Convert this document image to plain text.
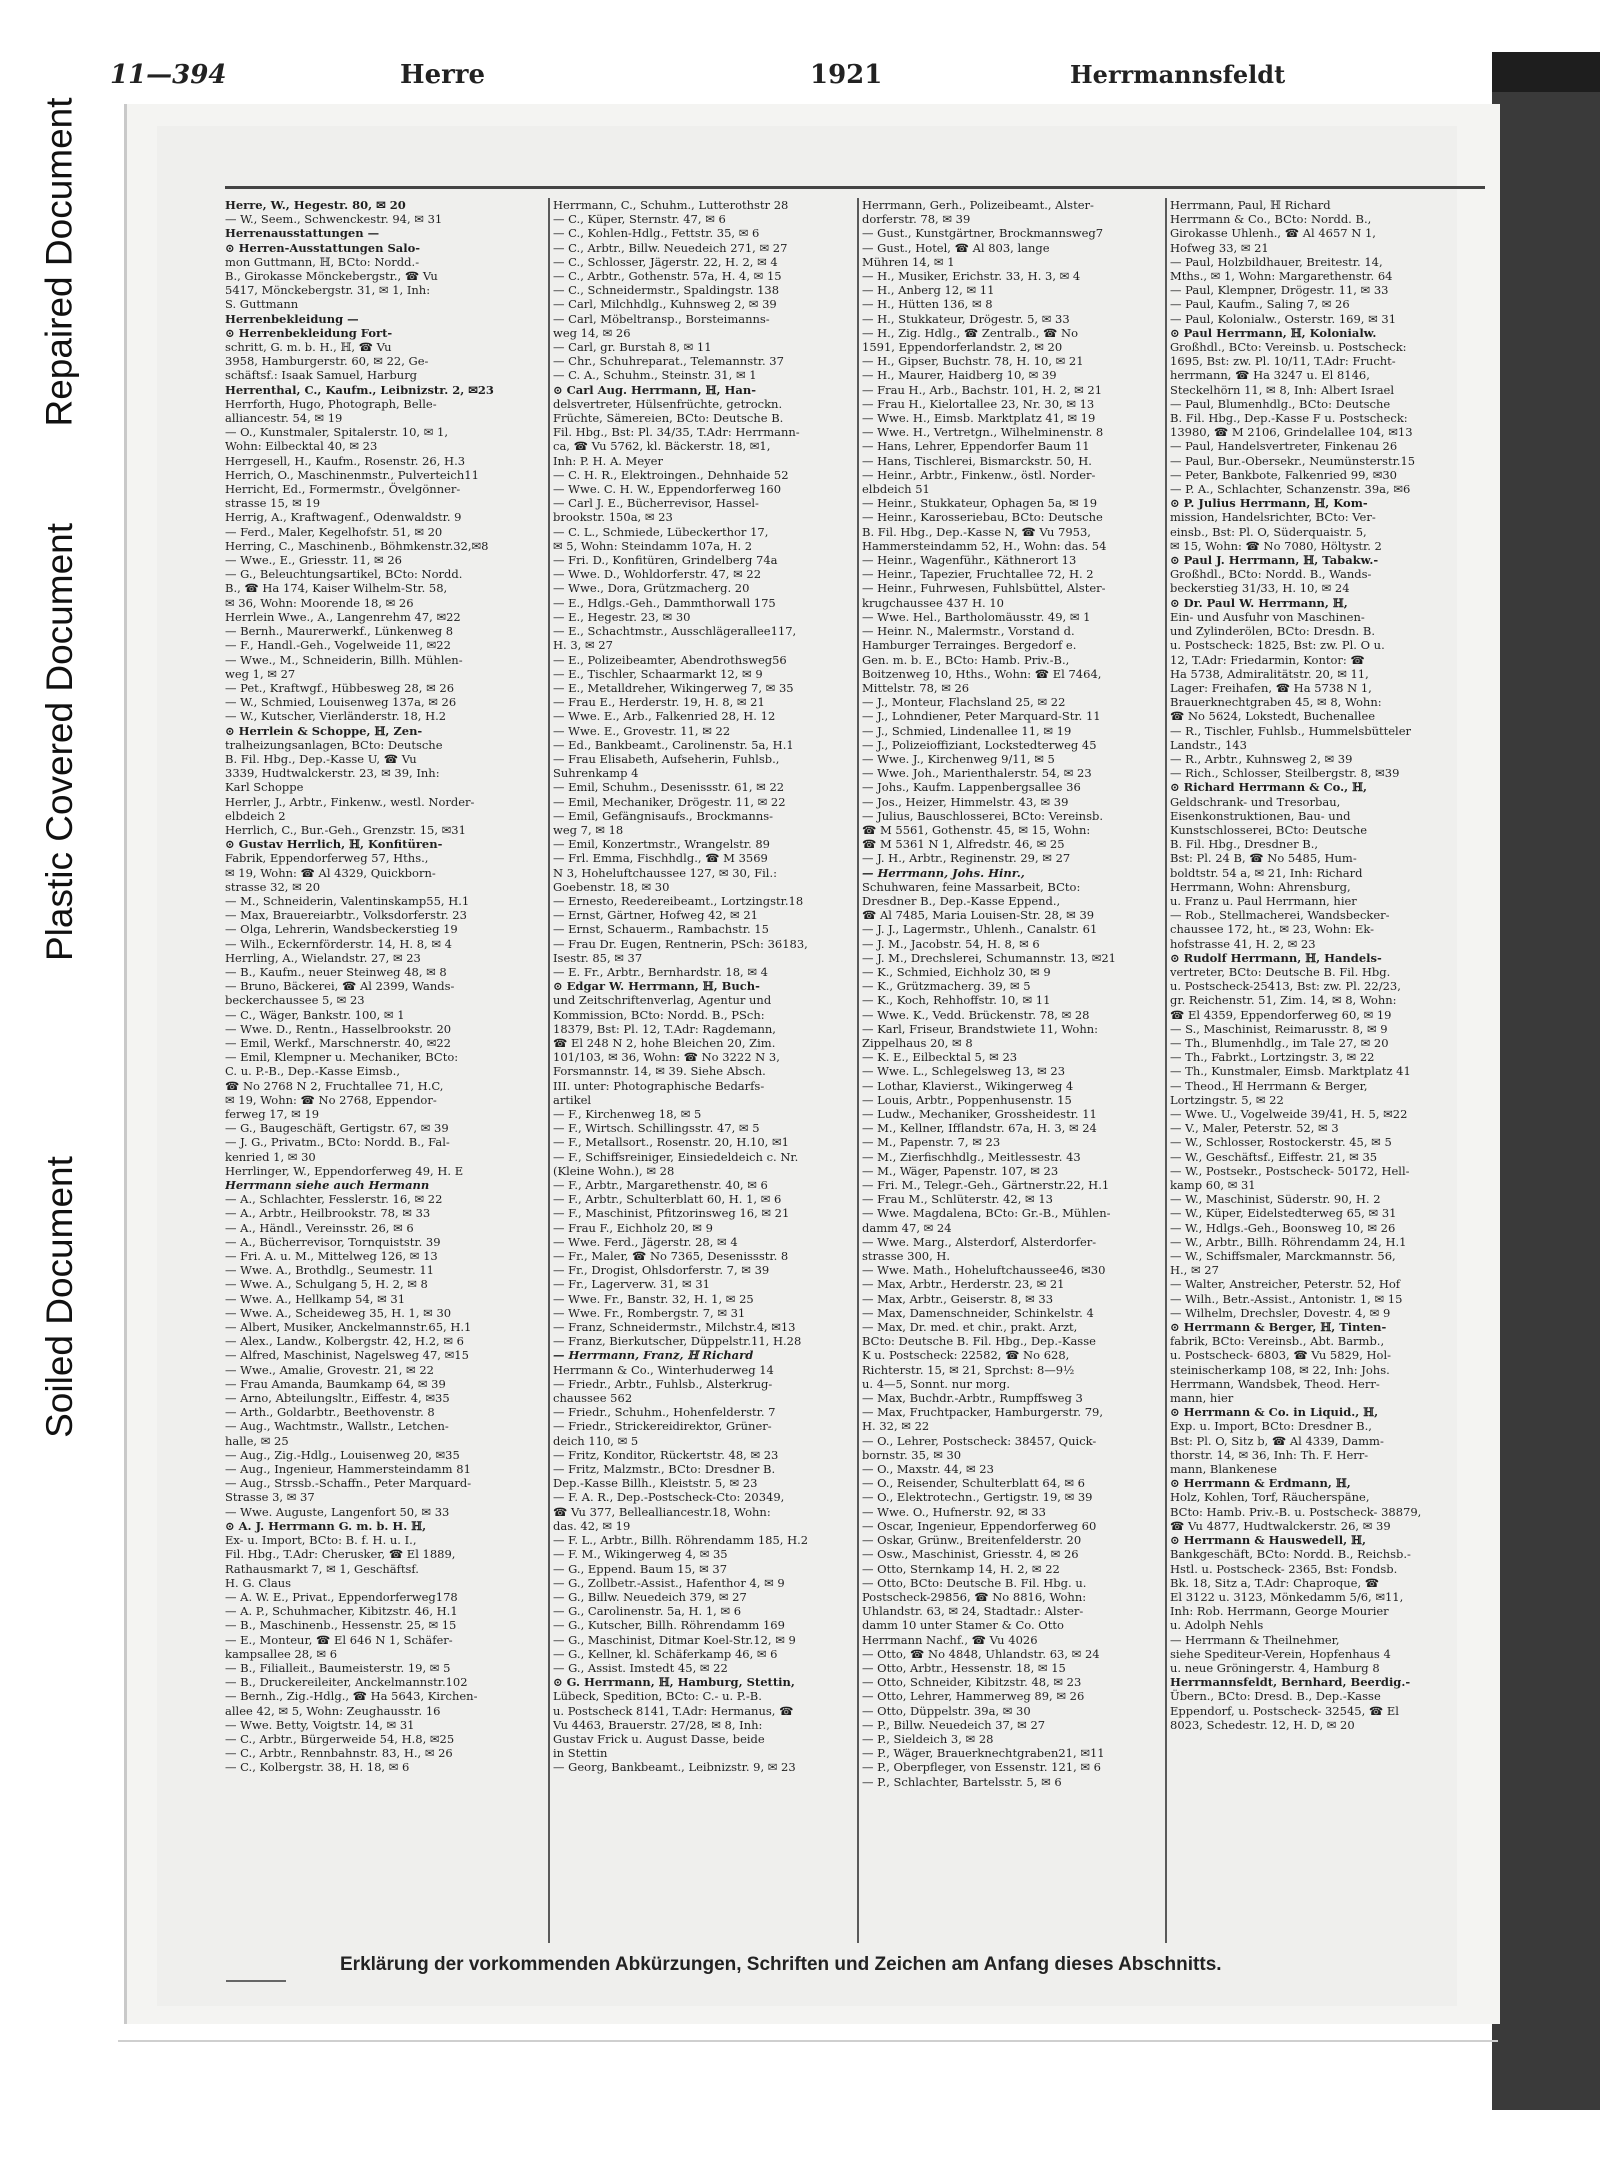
Repaired Document
Plastic Covered Document
Soiled Document
11—394	Herre	1921	Herrmannsfeldt

Herre, W., Hegestr. 80, ✉ 20

— W., Seem., Schwenckestr. 94, ✉ 31

Herrenausstattungen —

⊙ Herren-Ausstattungen Salo-

mon Guttmann, ℍ, BCto: Nordd.-

B., Girokasse Mönckebergstr., ☎ Vu

5417, Mönckebergstr. 31, ✉ 1, Inh:

S. Guttmann

Herrenbekleidung —

⊙ Herrenbekleidung Fort-

schritt, G. m. b. H., ℍ, ☎ Vu

3958, Hamburgerstr. 60, ✉ 22, Ge-

schäftsf.: Isaak Samuel, Harburg

Herrenthal, C., Kaufm., Leibnizstr. 2, ✉23

Herrforth, Hugo, Photograph, Belle-

alliancestr. 54, ✉ 19

— O., Kunstmaler, Spitalerstr. 10, ✉ 1,

Wohn: Eilbecktal 40, ✉ 23

Herrgesell, H., Kaufm., Rosenstr. 26, H.3

Herrich, O., Maschinenmstr., Pulverteich11

Herricht, Ed., Formermstr., Övelgönner-

strasse 15, ✉ 19

Herrig, A., Kraftwagenf., Odenwaldstr. 9

— Ferd., Maler, Kegelhofstr. 51, ✉ 20

Herring, C., Maschinenb., Böhmkenstr.32,✉8

— Wwe., E., Griesstr. 11, ✉ 26

— G., Beleuchtungsartikel, BCto: Nordd.

B., ☎ Ha 174, Kaiser Wilhelm-Str. 58,

✉ 36, Wohn: Moorende 18, ✉ 26

Herrlein Wwe., A., Langenrehm 47, ✉22

— Bernh., Maurerwerkf., Lünkenweg 8

— F., Handl.-Geh., Vogelweide 11, ✉22

— Wwe., M., Schneiderin, Billh. Mühlen-

weg 1, ✉ 27

— Pet., Kraftwgf., Hübbesweg 28, ✉ 26

— W., Schmied, Louisenweg 137a, ✉ 26

— W., Kutscher, Vierländerstr. 18, H.2

⊙ Herrlein & Schoppe, ℍ, Zen-

tralheizungsanlagen, BCto: Deutsche

B. Fil. Hbg., Dep.-Kasse U, ☎ Vu

3339, Hudtwalckerstr. 23, ✉ 39, Inh:

Karl Schoppe

Herrler, J., Arbtr., Finkenw., westl. Norder-

elbdeich 2

Herrlich, C., Bur.-Geh., Grenzstr. 15, ✉31

⊙ Gustav Herrlich, ℍ, Konfitüren-

Fabrik, Eppendorferweg 57, Hths.,

✉ 19, Wohn: ☎ Al 4329, Quickborn-

strasse 32, ✉ 20

— M., Schneiderin, Valentinskamp55, H.1

— Max, Brauereiarbtr., Volksdorferstr. 23

— Olga, Lehrerin, Wandsbeckerstieg 19

— Wilh., Eckernförderstr. 14, H. 8, ✉ 4

Herrling, A., Wielandstr. 27, ✉ 23

— B., Kaufm., neuer Steinweg 48, ✉ 8

— Bruno, Bäckerei, ☎ Al 2399, Wands-

beckerchaussee 5, ✉ 23

— C., Wäger, Bankstr. 100, ✉ 1

— Wwe. D., Rentn., Hasselbrookstr. 20

— Emil, Werkf., Marschnerstr. 40, ✉22

— Emil, Klempner u. Mechaniker, BCto:

C. u. P.-B., Dep.-Kasse Eimsb.,

☎ No 2768 N 2, Fruchtallee 71, H.C,

✉ 19, Wohn: ☎ No 2768, Eppendor-

ferweg 17, ✉ 19

— G., Baugeschäft, Gertigstr. 67, ✉ 39

— J. G., Privatm., BCto: Nordd. B., Fal-

kenried 1, ✉ 30

Herrlinger, W., Eppendorferweg 49, H. E

Herrmann siehe auch Hermann

— A., Schlachter, Fesslerstr. 16, ✉ 22

— A., Arbtr., Heilbrookstr. 78, ✉ 33

— A., Händl., Vereinsstr. 26, ✉ 6

— A., Bücherrevisor, Tornquiststr. 39

— Fri. A. u. M., Mittelweg 126, ✉ 13

— Wwe. A., Brothdlg., Seumestr. 11

— Wwe. A., Schulgang 5, H. 2, ✉ 8

— Wwe. A., Hellkamp 54, ✉ 31

— Wwe. A., Scheideweg 35, H. 1, ✉ 30

— Albert, Musiker, Anckelmannstr.65, H.1

— Alex., Landw., Kolbergstr. 42, H.2, ✉ 6

— Alfred, Maschinist, Nagelsweg 47, ✉15

— Wwe., Amalie, Grovestr. 21, ✉ 22

— Frau Amanda, Baumkamp 64, ✉ 39

— Arno, Abteilungsltr., Eiffestr. 4, ✉35

— Arth., Goldarbtr., Beethovenstr. 8

— Aug., Wachtmstr., Wallstr., Letchen-

halle, ✉ 25

— Aug., Zig.-Hdlg., Louisenweg 20, ✉35

— Aug., Ingenieur, Hammersteindamm 81

— Aug., Strssb.-Schaffn., Peter Marquard-

Strasse 3, ✉ 37

— Wwe. Auguste, Langenfort 50, ✉ 33

⊙ A. J. Herrmann G. m. b. H. ℍ,

Ex- u. Import, BCto: B. f. H. u. I.,

Fil. Hbg., T.Adr: Cherusker, ☎ El 1889,

Rathausmarkt 7, ✉ 1, Geschäftsf.

H. G. Claus

— A. W. E., Privat., Eppendorferweg178

— A. P., Schuhmacher, Kibitzstr. 46, H.1

— B., Maschinenb., Hessenstr. 25, ✉ 15

— E., Monteur, ☎ El 646 N 1, Schäfer-

kampsallee 28, ✉ 6

— B., Filialleit., Baumeisterstr. 19, ✉ 5

— B., Druckereileiter, Anckelmannstr.102

— Bernh., Zig.-Hdlg., ☎ Ha 5643, Kirchen-

allee 42, ✉ 5, Wohn: Zeughausstr. 16

— Wwe. Betty, Voigtstr. 14, ✉ 31

— C., Arbtr., Bürgerweide 54, H.8, ✉25

— C., Arbtr., Rennbahnstr. 83, H., ✉ 26

— C., Kolbergstr. 38, H. 18, ✉ 6

Herrmann, C., Schuhm., Lutterothstr 28

— C., Küper, Sternstr. 47, ✉ 6

— C., Kohlen-Hdlg., Fettstr. 35, ✉ 6

— C., Arbtr., Billw. Neuedeich 271, ✉ 27

— C., Schlosser, Jägerstr. 22, H. 2, ✉ 4

— C., Arbtr., Gothenstr. 57a, H. 4, ✉ 15

— C., Schneidermstr., Spaldingstr. 138

— Carl, Milchhdlg., Kuhnsweg 2, ✉ 39

— Carl, Möbeltransp., Borsteimanns-

weg 14, ✉ 26

— Carl, gr. Burstah 8, ✉ 11

— Chr., Schuhreparat., Telemannstr. 37

— C. A., Schuhm., Steinstr. 31, ✉ 1

⊙ Carl Aug. Herrmann, ℍ, Han-

delsvertreter, Hülsenfrüchte, getrockn.

Früchte, Sämereien, BCto: Deutsche B.

Fil. Hbg., Bst: Pl. 34/35, T.Adr: Herrmann-

ca, ☎ Vu 5762, kl. Bäckerstr. 18, ✉1,

Inh: P. H. A. Meyer

— C. H. R., Elektroingen., Dehnhaide 52

— Wwe. C. H. W., Eppendorferweg 160

— Carl J. E., Bücherrevisor, Hassel-

brookstr. 150a, ✉ 23

— C. L., Schmiede, Lübeckerthor 17,

✉ 5, Wohn: Steindamm 107a, H. 2

— Fri. D., Konfitüren, Grindelberg 74a

— Wwe. D., Wohldorferstr. 47, ✉ 22

— Wwe., Dora, Grützmacherg. 20

— E., Hdlgs.-Geh., Dammthorwall 175

— E., Hegestr. 23, ✉ 30

— E., Schachtmstr., Ausschlägerallee117,

H. 3, ✉ 27

— E., Polizeibeamter, Abendrothsweg56

— E., Tischler, Schaarmarkt 12, ✉ 9

— E., Metalldreher, Wikingerweg 7, ✉ 35

— Frau E., Herderstr. 19, H. 8, ✉ 21

— Wwe. E., Arb., Falkenried 28, H. 12

— Wwe. E., Grovestr. 11, ✉ 22

— Ed., Bankbeamt., Carolinenstr. 5a, H.1

— Frau Elisabeth, Aufseherin, Fuhlsb.,

Suhrenkamp 4

— Emil, Schuhm., Desenissstr. 61, ✉ 22

— Emil, Mechaniker, Drögestr. 11, ✉ 22

— Emil, Gefängnisaufs., Brockmanns-

weg 7, ✉ 18

— Emil, Konzertmstr., Wrangelstr. 89

— Frl. Emma, Fischhdlg., ☎ M 3569

N 3, Hoheluftchaussee 127, ✉ 30, Fil.:

Goebenstr. 18, ✉ 30

— Ernesto, Reedereibeamt., Lortzingstr.18

— Ernst, Gärtner, Hofweg 42, ✉ 21

— Ernst, Schauerm., Rambachstr. 15

— Frau Dr. Eugen, Rentnerin, PSch: 36183,

Isestr. 85, ✉ 37

— E. Fr., Arbtr., Bernhardstr. 18, ✉ 4

⊙ Edgar W. Herrmann, ℍ, Buch-

und Zeitschriftenverlag, Agentur und

Kommission, BCto: Nordd. B., PSch:

18379, Bst: Pl. 12, T.Adr: Ragdemann,

☎ El 248 N 2, hohe Bleichen 20, Zim.

101/103, ✉ 36, Wohn: ☎ No 3222 N 3,

Forsmannstr. 14, ✉ 39. Siehe Absch.

III. unter: Photographische Bedarfs-

artikel

— F., Kirchenweg 18, ✉ 5

— F., Wirtsch. Schillingsstr. 47, ✉ 5

— F., Metallsort., Rosenstr. 20, H.10, ✉1

— F., Schiffsreiniger, Einsiedeldeich c. Nr.

(Kleine Wohn.), ✉ 28

— F., Arbtr., Margarethenstr. 40, ✉ 6

— F., Arbtr., Schulterblatt 60, H. 1, ✉ 6

— F., Maschinist, Pfitzorinsweg 16, ✉ 21

— Frau F., Eichholz 20, ✉ 9

— Wwe. Ferd., Jägerstr. 28, ✉ 4

— Fr., Maler, ☎ No 7365, Desenissstr. 8

— Fr., Drogist, Ohlsdorferstr. 7, ✉ 39

— Fr., Lagerverw. 31, ✉ 31

— Wwe. Fr., Banstr. 32, H. 1, ✉ 25

— Wwe. Fr., Rombergstr. 7, ✉ 31

— Franz, Schneidermstr., Milchstr.4, ✉13

— Franz, Bierkutscher, Düppelstr.11, H.28

— Herrmann, Franz, ℍ Richard

Herrmann & Co., Winterhuderweg 14

— Friedr., Arbtr., Fuhlsb., Alsterkrug-

chaussee 562

— Friedr., Schuhm., Hohenfelderstr. 7

— Friedr., Strickereidirektor, Grüner-

deich 110, ✉ 5

— Fritz, Konditor, Rückertstr. 48, ✉ 23

— Fritz, Malzmstr., BCto: Dresdner B.

Dep.-Kasse Billh., Kleiststr. 5, ✉ 23

— F. A. R., Dep.-Postscheck-Cto: 20349,

☎ Vu 377, Bellealliancestr.18, Wohn:

das. 42, ✉ 19

— F. L., Arbtr., Billh. Röhrendamm 185, H.2

— F. M., Wikingerweg 4, ✉ 35

— G., Eppend. Baum 15, ✉ 37

— G., Zollbetr.-Assist., Hafenthor 4, ✉ 9

— G., Billw. Neuedeich 379, ✉ 27

— G., Carolinenstr. 5a, H. 1, ✉ 6

— G., Kutscher, Billh. Röhrendamm 169

— G., Maschinist, Ditmar Koel-Str.12, ✉ 9

— G., Kellner, kl. Schäferkamp 46, ✉ 6

— G., Assist. Imstedt 45, ✉ 22

⊙ G. Herrmann, ℍ, Hamburg, Stettin,

Lübeck, Spedition, BCto: C.- u. P.-B.

u. Postscheck 8141, T.Adr: Hermanus, ☎

Vu 4463, Brauerstr. 27/28, ✉ 8, Inh:

Gustav Frick u. August Dasse, beide

in Stettin

— Georg, Bankbeamt., Leibnizstr. 9, ✉ 23

Herrmann, Gerh., Polizeibeamt., Alster-

dorferstr. 78, ✉ 39

— Gust., Kunstgärtner, Brockmannsweg7

— Gust., Hotel, ☎ Al 803, lange

Mühren 14, ✉ 1

— H., Musiker, Erichstr. 33, H. 3, ✉ 4

— H., Anberg 12, ✉ 11

— H., Hütten 136, ✉ 8

— H., Stukkateur, Drögestr. 5, ✉ 33

— H., Zig. Hdlg., ☎ Zentralb., ☎ No

1591, Eppendorferlandstr. 2, ✉ 20

— H., Gipser, Buchstr. 78, H. 10, ✉ 21

— H., Maurer, Haidberg 10, ✉ 39

— Frau H., Arb., Bachstr. 101, H. 2, ✉ 21

— Frau H., Kielortallee 23, Nr. 30, ✉ 13

— Wwe. H., Eimsb. Marktplatz 41, ✉ 19

— Wwe. H., Vertretgn., Wilhelminenstr. 8

— Hans, Lehrer, Eppendorfer Baum 11

— Hans, Tischlerei, Bismarckstr. 50, H.

— Heinr., Arbtr., Finkenw., östl. Norder-

elbdeich 51

— Heinr., Stukkateur, Ophagen 5a, ✉ 19

— Heinr., Karosseriebau, BCto: Deutsche

B. Fil. Hbg., Dep.-Kasse N, ☎ Vu 7953,

Hammersteindamm 52, H., Wohn: das. 54

— Heinr., Wagenführ., Käthnerort 13

— Heinr., Tapezier, Fruchtallee 72, H. 2

— Heinr., Fuhrwesen, Fuhlsbüttel, Alster-

krugchaussee 437 H. 10

— Wwe. Hel., Bartholomäusstr. 49, ✉ 1

— Heinr. N., Malermstr., Vorstand d.

Hamburger Terrainges. Bergedorf e.

Gen. m. b. E., BCto: Hamb. Priv.-B.,

Boitzenweg 10, Hths., Wohn: ☎ El 7464,

Mittelstr. 78, ✉ 26

— J., Monteur, Flachsland 25, ✉ 22

— J., Lohndiener, Peter Marquard-Str. 11

— J., Schmied, Lindenallee 11, ✉ 19

— J., Polizeioffiziant, Lockstedterweg 45

— Wwe. J., Kirchenweg 9/11, ✉ 5

— Wwe. Joh., Marienthalerstr. 54, ✉ 23

— Johs., Kaufm. Lappenbergsallee 36

— Jos., Heizer, Himmelstr. 43, ✉ 39

— Julius, Bauschlosserei, BCto: Vereinsb.

☎ M 5561, Gothenstr. 45, ✉ 15, Wohn:

☎ M 5361 N 1, Alfredstr. 46, ✉ 25

— J. H., Arbtr., Reginenstr. 29, ✉ 27

— Herrmann, Johs. Hinr.,

Schuhwaren, feine Massarbeit, BCto:

Dresdner B., Dep.-Kasse Eppend.,

☎ Al 7485, Maria Louisen-Str. 28, ✉ 39

— J. J., Lagermstr., Uhlenh., Canalstr. 61

— J. M., Jacobstr. 54, H. 8, ✉ 6

— J. M., Drechslerei, Schumannstr. 13, ✉21

— K., Schmied, Eichholz 30, ✉ 9

— K., Grützmacherg. 39, ✉ 5

— K., Koch, Rehhoffstr. 10, ✉ 11

— Wwe. K., Vedd. Brückenstr. 78, ✉ 28

— Karl, Friseur, Brandstwiete 11, Wohn:

Zippelhaus 20, ✉ 8

— K. E., Eilbecktal 5, ✉ 23

— Wwe. L., Schlegelsweg 13, ✉ 23

— Lothar, Klavierst., Wikingerweg 4

— Louis, Arbtr., Poppenhusenstr. 15

— Ludw., Mechaniker, Grossheidestr. 11

— M., Kellner, Ifflandstr. 67a, H. 3, ✉ 24

— M., Papenstr. 7, ✉ 23

— M., Zierfischhdlg., Meitlessestr. 43

— M., Wäger, Papenstr. 107, ✉ 23

— Fri. M., Telegr.-Geh., Gärtnerstr.22, H.1

— Frau M., Schlüterstr. 42, ✉ 13

— Wwe. Magdalena, BCto: Gr.-B., Mühlen-

damm 47, ✉ 24

— Wwe. Marg., Alsterdorf, Alsterdorfer-

strasse 300, H.

— Wwe. Math., Hoheluftchaussee46, ✉30

— Max, Arbtr., Herderstr. 23, ✉ 21

— Max, Arbtr., Geiserstr. 8, ✉ 33

— Max, Damenschneider, Schinkelstr. 4

— Max, Dr. med. et chir., prakt. Arzt,

BCto: Deutsche B. Fil. Hbg., Dep.-Kasse

K u. Postscheck: 22582, ☎ No 628,

Richterstr. 15, ✉ 21, Sprchst: 8—9½

u. 4—5, Sonnt. nur morg.

— Max, Buchdr.-Arbtr., Rumpffsweg 3

— Max, Fruchtpacker, Hamburgerstr. 79,

H. 32, ✉ 22

— O., Lehrer, Postscheck: 38457, Quick-

bornstr. 35, ✉ 30

— O., Maxstr. 44, ✉ 23

— O., Reisender, Schulterblatt 64, ✉ 6

— O., Elektrotechn., Gertigstr. 19, ✉ 39

— Wwe. O., Hufnerstr. 92, ✉ 33

— Oscar, Ingenieur, Eppendorferweg 60

— Oskar, Grünw., Breitenfelderstr. 20

— Osw., Maschinist, Griesstr. 4, ✉ 26

— Otto, Sternkamp 14, H. 2, ✉ 22

— Otto, BCto: Deutsche B. Fil. Hbg. u.

Postscheck-29856, ☎ No 8816, Wohn:

Uhlandstr. 63, ✉ 24, Stadtadr.: Alster-

damm 10 unter Stamer & Co. Otto

Herrmann Nachf., ☎ Vu 4026

— Otto, ☎ No 4848, Uhlandstr. 63, ✉ 24

— Otto, Arbtr., Hessenstr. 18, ✉ 15

— Otto, Schneider, Kibitzstr. 48, ✉ 23

— Otto, Lehrer, Hammerweg 89, ✉ 26

— Otto, Düppelstr. 39a, ✉ 30

— P., Billw. Neuedeich 37, ✉ 27

— P., Sieldeich 3, ✉ 28

— P., Wäger, Brauerknechtgraben21, ✉11

— P., Oberpfleger, von Essenstr. 121, ✉ 6

— P., Schlachter, Bartelsstr. 5, ✉ 6

Herrmann, Paul, ℍ Richard

Herrmann & Co., BCto: Nordd. B.,

Girokasse Uhlenh., ☎ Al 4657 N 1,

Hofweg 33, ✉ 21

— Paul, Holzbildhauer, Breitestr. 14,

Mths., ✉ 1, Wohn: Margarethenstr. 64

— Paul, Klempner, Drögestr. 11, ✉ 33

— Paul, Kaufm., Saling 7, ✉ 26

— Paul, Kolonialw., Osterstr. 169, ✉ 31

⊙ Paul Herrmann, ℍ, Kolonialw.

Großhdl., BCto: Vereinsb. u. Postscheck:

1695, Bst: zw. Pl. 10/11, T.Adr: Frucht-

herrmann, ☎ Ha 3247 u. El 8146,

Steckelhörn 11, ✉ 8, Inh: Albert Israel

— Paul, Blumenhdlg., BCto: Deutsche

B. Fil. Hbg., Dep.-Kasse F u. Postscheck:

13980, ☎ M 2106, Grindelallee 104, ✉13

— Paul, Handelsvertreter, Finkenau 26

— Paul, Bur.-Obersekr., Neumünsterstr.15

— Peter, Bankbote, Falkenried 99, ✉30

— P. A., Schlachter, Schanzenstr. 39a, ✉6

⊙ P. Julius Herrmann, ℍ, Kom-

mission, Handelsrichter, BCto: Ver-

einsb., Bst: Pl. O, Süderquaistr. 5,

✉ 15, Wohn: ☎ No 7080, Höltystr. 2

⊙ Paul J. Herrmann, ℍ, Tabakw.-

Großhdl., BCto: Nordd. B., Wands-

beckerstieg 31/33, H. 10, ✉ 24

⊙ Dr. Paul W. Herrmann, ℍ,

Ein- und Ausfuhr von Maschinen-

und Zylinderölen, BCto: Dresdn. B.

u. Postscheck: 1825, Bst: zw. Pl. O u.

12, T.Adr: Friedarmin, Kontor: ☎

Ha 5738, Admiralitätstr. 20, ✉ 11,

Lager: Freihafen, ☎ Ha 5738 N 1,

Brauerknechtgraben 45, ✉ 8, Wohn:

☎ No 5624, Lokstedt, Buchenallee

— R., Tischler, Fuhlsb., Hummelsbütteler

Landstr., 143

— R., Arbtr., Kuhnsweg 2, ✉ 39

— Rich., Schlosser, Steilbergstr. 8, ✉39

⊙ Richard Herrmann & Co., ℍ,

Geldschrank- und Tresorbau,

Eisenkonstruktionen, Bau- und

Kunstschlosserei, BCto: Deutsche

B. Fil. Hbg., Dresdner B.,

Bst: Pl. 24 B, ☎ No 5485, Hum-

boldtstr. 54 a, ✉ 21, Inh: Richard

Herrmann, Wohn: Ahrensburg,

u. Franz u. Paul Herrmann, hier

— Rob., Stellmacherei, Wandsbecker-

chaussee 172, ht., ✉ 23, Wohn: Ek-

hofstrasse 41, H. 2, ✉ 23

⊙ Rudolf Herrmann, ℍ, Handels-

vertreter, BCto: Deutsche B. Fil. Hbg.

u. Postscheck-25413, Bst: zw. Pl. 22/23,

gr. Reichenstr. 51, Zim. 14, ✉ 8, Wohn:

☎ El 4359, Eppendorferweg 60, ✉ 19

— S., Maschinist, Reimarusstr. 8, ✉ 9

— Th., Blumenhdlg., im Tale 27, ✉ 20

— Th., Fabrkt., Lortzingstr. 3, ✉ 22

— Th., Kunstmaler, Eimsb. Marktplatz 41

— Theod., ℍ Herrmann & Berger,

Lortzingstr. 5, ✉ 22

— Wwe. U., Vogelweide 39/41, H. 5, ✉22

— V., Maler, Peterstr. 52, ✉ 3

— W., Schlosser, Rostockerstr. 45, ✉ 5

— W., Geschäftsf., Eiffestr. 21, ✉ 35

— W., Postsekr., Postscheck- 50172, Hell-

kamp 60, ✉ 31

— W., Maschinist, Süderstr. 90, H. 2

— W., Küper, Eidelstedterweg 65, ✉ 31

— W., Hdlgs.-Geh., Boonsweg 10, ✉ 26

— W., Arbtr., Billh. Röhrendamm 24, H.1

— W., Schiffsmaler, Marckmannstr. 56,

H., ✉ 27

— Walter, Anstreicher, Peterstr. 52, Hof

— Wilh., Betr.-Assist., Antonistr. 1, ✉ 15

— Wilhelm, Drechsler, Dovestr. 4, ✉ 9

⊙ Herrmann & Berger, ℍ, Tinten-

fabrik, BCto: Vereinsb., Abt. Barmb.,

u. Postscheck- 6803, ☎ Vu 5829, Hol-

steinischerkamp 108, ✉ 22, Inh: Johs.

Herrmann, Wandsbek, Theod. Herr-

mann, hier

⊙ Herrmann & Co. in Liquid., ℍ,

Exp. u. Import, BCto: Dresdner B.,

Bst: Pl. O, Sitz b, ☎ Al 4339, Damm-

thorstr. 14, ✉ 36, Inh: Th. F. Herr-

mann, Blankenese

⊙ Herrmann & Erdmann, ℍ,

Holz, Kohlen, Torf, Räucherspäne,

BCto: Hamb. Priv.-B. u. Postscheck- 38879,

☎ Vu 4877, Hudtwalckerstr. 26, ✉ 39

⊙ Herrmann & Hauswedell, ℍ,

Bankgeschäft, BCto: Nordd. B., Reichsb.-

Hstl. u. Postscheck- 2365, Bst: Fondsb.

Bk. 18, Sitz a, T.Adr: Chaproque, ☎

El 3122 u. 3123, Mönkedamm 5/6, ✉11,

Inh: Rob. Herrmann, George Mourier

u. Adolph Nehls

— Herrmann & Theilnehmer,

siehe Spediteur-Verein, Hopfenhaus 4

u. neue Gröningerstr. 4, Hamburg 8

Herrmannsfeldt, Bernhard, Beerdig.-

Übern., BCto: Dresd. B., Dep.-Kasse

Eppendorf, u. Postscheck- 32545, ☎ El

8023, Schedestr. 12, H. D, ✉ 20

Erklärung der vorkommenden Abkürzungen, Schriften und Zeichen am Anfang dieses Abschnitts.
